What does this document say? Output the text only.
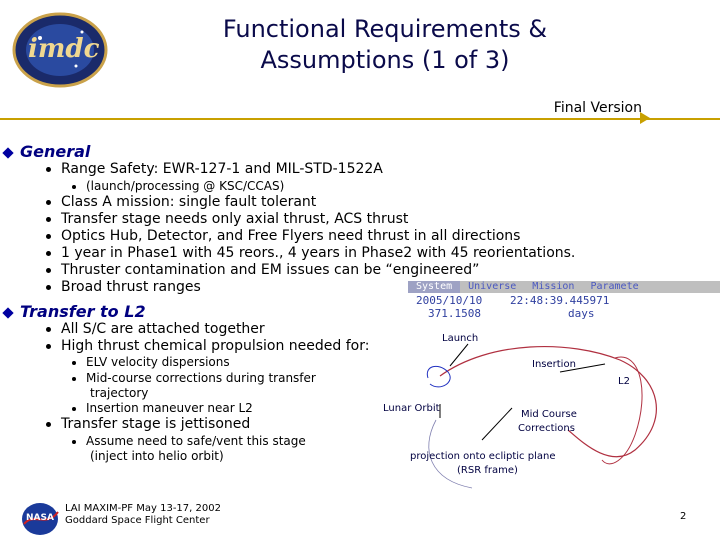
imdc
Functional Requirements &
Assumptions (1 of 3)
Final Version
General
Range Safety: EWR-127-1 and MIL-STD-1522A
(launch/processing @ KSC/CCAS)
Class A mission: single fault tolerant
Transfer stage needs only axial thrust, ACS thrust
Optics Hub, Detector, and Free Flyers need thrust in all directions
1 year in Phase1 with 45 reors., 4 years in Phase2 with 45 reorientations.
Thruster contamination and EM issues can be “engineered”
Broad thrust ranges
Transfer to L2
All S/C are attached together
High thrust chemical propulsion needed for:
ELV velocity dispersions
Mid-course corrections during transfer
trajectory
Insertion maneuver near L2
Transfer stage is jettisoned
Assume need to safe/vent this stage
(inject into helio orbit)
System	Universe	Mission	Paramete
2005/10/10	22:48:39.445971
371.1508	days
Launch
Insertion
L2
Lunar Orbit
Mid Course
Corrections
projection onto ecliptic plane
(RSR frame)
NASA
LAI MAXIM-PF May 13-17, 2002
Goddard Space Flight Center	2
